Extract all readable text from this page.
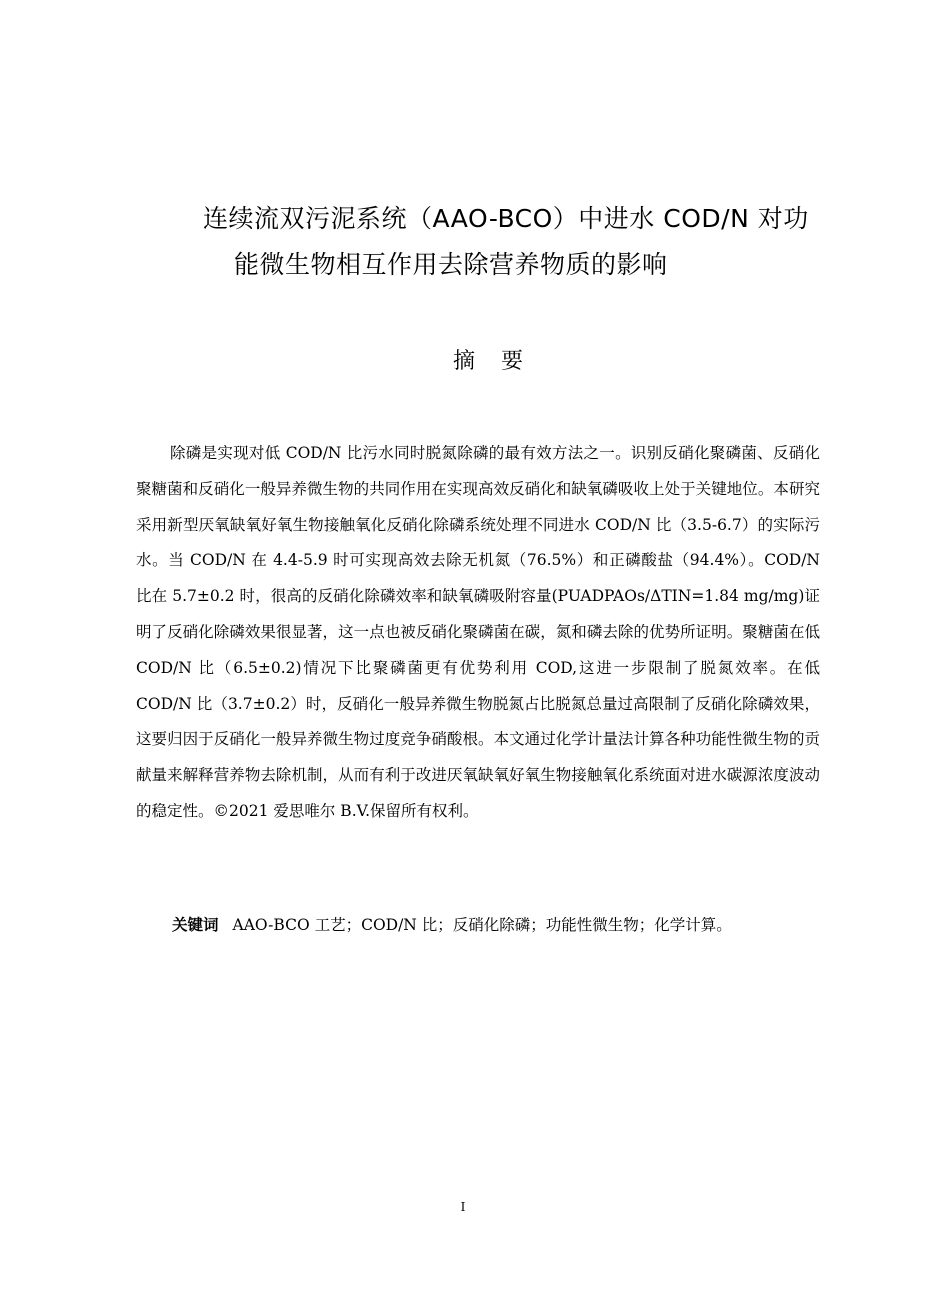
连续流双污泥系统（AAO-BCO）中进水 COD/N 对功
能微生物相互作用去除营养物质的影响
摘要

除磷是实现对低 COD/N 比污水同时脱氮除磷的最有效方法之一。识别反硝化聚磷菌、反硝化聚糖菌和反硝化一般异养微生物的共同作用在实现高效反硝化和缺氧磷吸收上处于关键地位。本研究采用新型厌氧缺氧好氧生物接触氧化反硝化除磷系统处理不同进水 COD/N 比（3.5-6.7）的实际污水。当 COD/N 在 4.4-5.9 时可实现高效去除无机氮（76.5%）和正磷酸盐（94.4%）。COD/N 比在 5.7±0.2 时，很高的反硝化除磷效率和缺氧磷吸附容量(PUADPAOs/ΔTIN=1.84 mg/mg)证明了反硝化除磷效果很显著，这一点也被反硝化聚磷菌在碳，氮和磷去除的优势所证明。聚糖菌在低 COD/N 比（6.5±0.2)情况下比聚磷菌更有优势利用 COD,这进一步限制了脱氮效率。在低 COD/N 比（3.7±0.2）时，反硝化一般异养微生物脱氮占比脱氮总量过高限制了反硝化除磷效果，这要归因于反硝化一般异养微生物过度竞争硝酸根。本文通过化学计量法计算各种功能性微生物的贡献量来解释营养物去除机制，从而有利于改进厌氧缺氧好氧生物接触氧化系统面对进水碳源浓度波动的稳定性。©2021 爱思唯尔 B.V.保留所有权利。

关键词 AAO-BCO 工艺；COD/N 比；反硝化除磷；功能性微生物；化学计算。
I
